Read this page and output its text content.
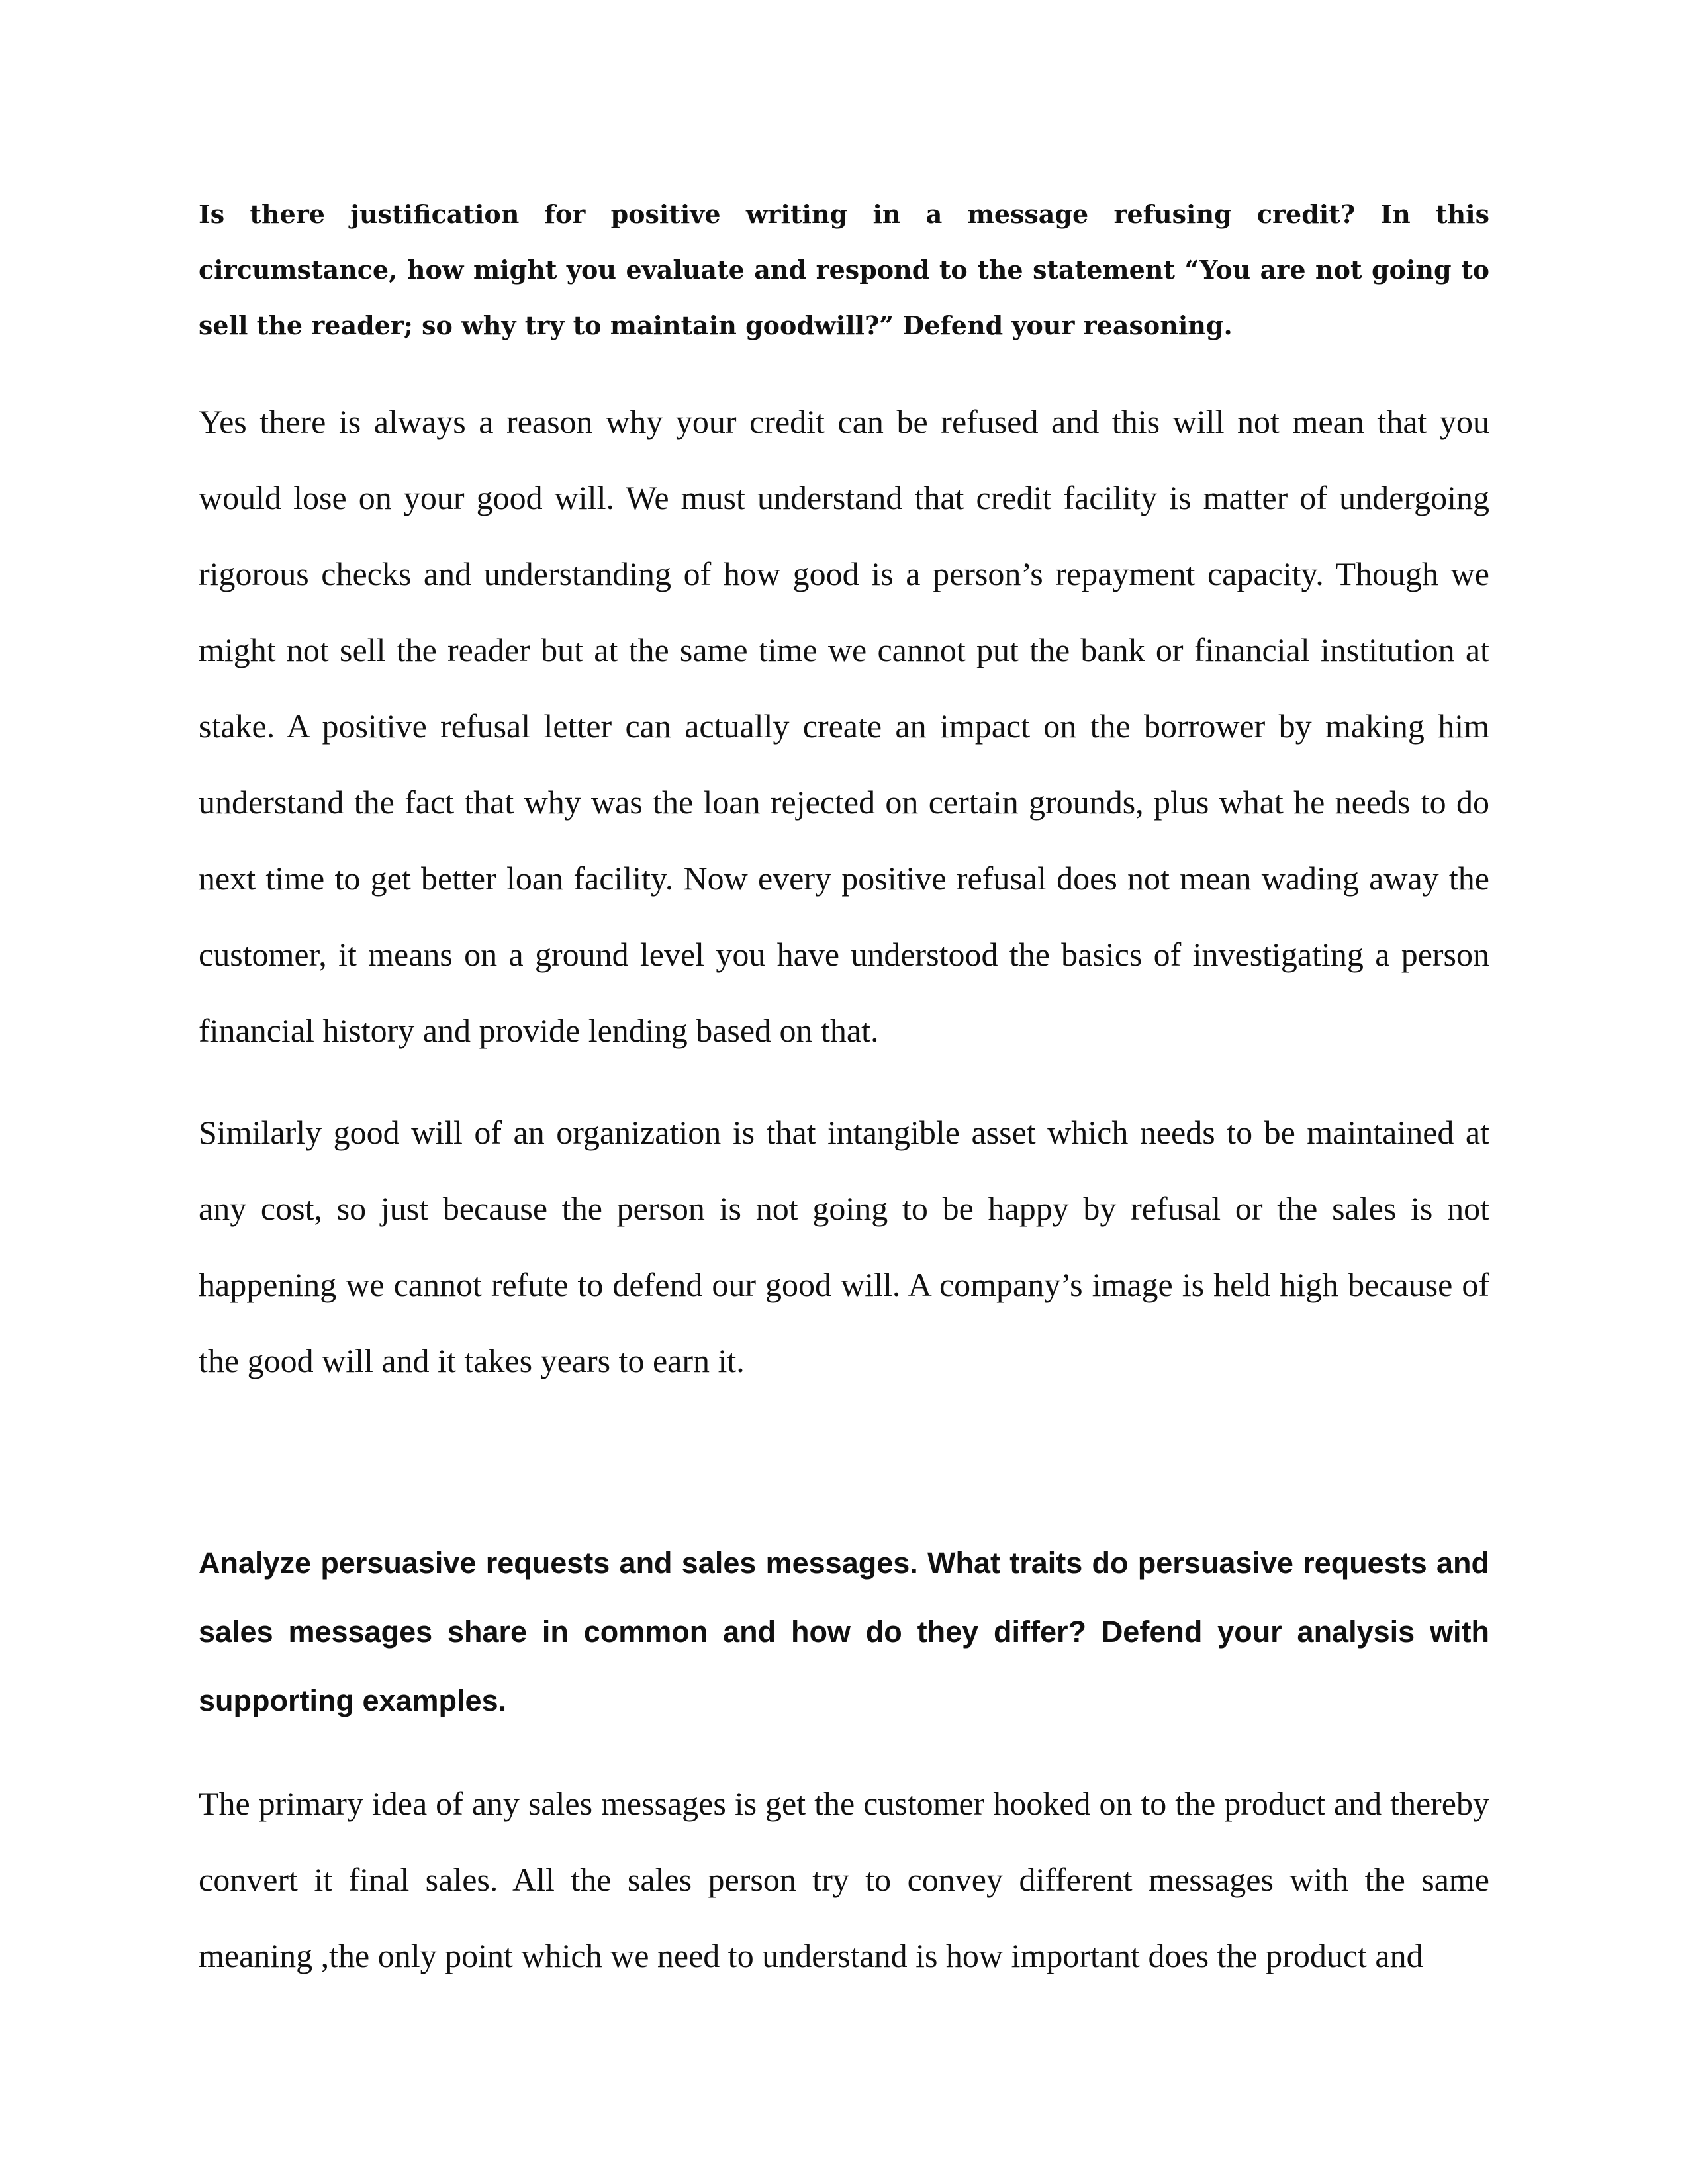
Is there justification for positive writing in a message refusing credit? In this circumstance, how might you evaluate and respond to the statement “You are not going to sell the reader; so why try to maintain goodwill?” Defend your reasoning.

Yes there is always a reason why your credit can be refused and this will not mean that you would lose on your good will. We must understand that credit facility is matter of undergoing rigorous checks and understanding of how good is a person’s repayment capacity. Though we might not sell the reader but at the same time we cannot put the bank or financial institution at stake. A positive refusal letter can actually create an impact on the borrower by making him understand the fact that why was the loan rejected on certain grounds, plus what he needs to do next time to get better loan facility. Now every positive refusal does not mean wading away the customer, it means on a ground level you have understood the basics of investigating a person financial history and provide lending based on that.

Similarly good will of an organization is that intangible asset which needs to be maintained at any cost, so just because the person is not going to be happy by refusal or the sales is not happening we cannot refute to defend our good will. A company’s image is held high because of the good will and it takes years to earn it.

Analyze persuasive requests and sales messages. What traits do persuasive requests and sales messages share in common and how do they differ? Defend your analysis with supporting examples.

The primary idea of any sales messages is get the customer hooked on to the product and thereby convert it final sales. All the sales person try to convey different messages with the same meaning ,the only point which we need to understand is how important does the product and
